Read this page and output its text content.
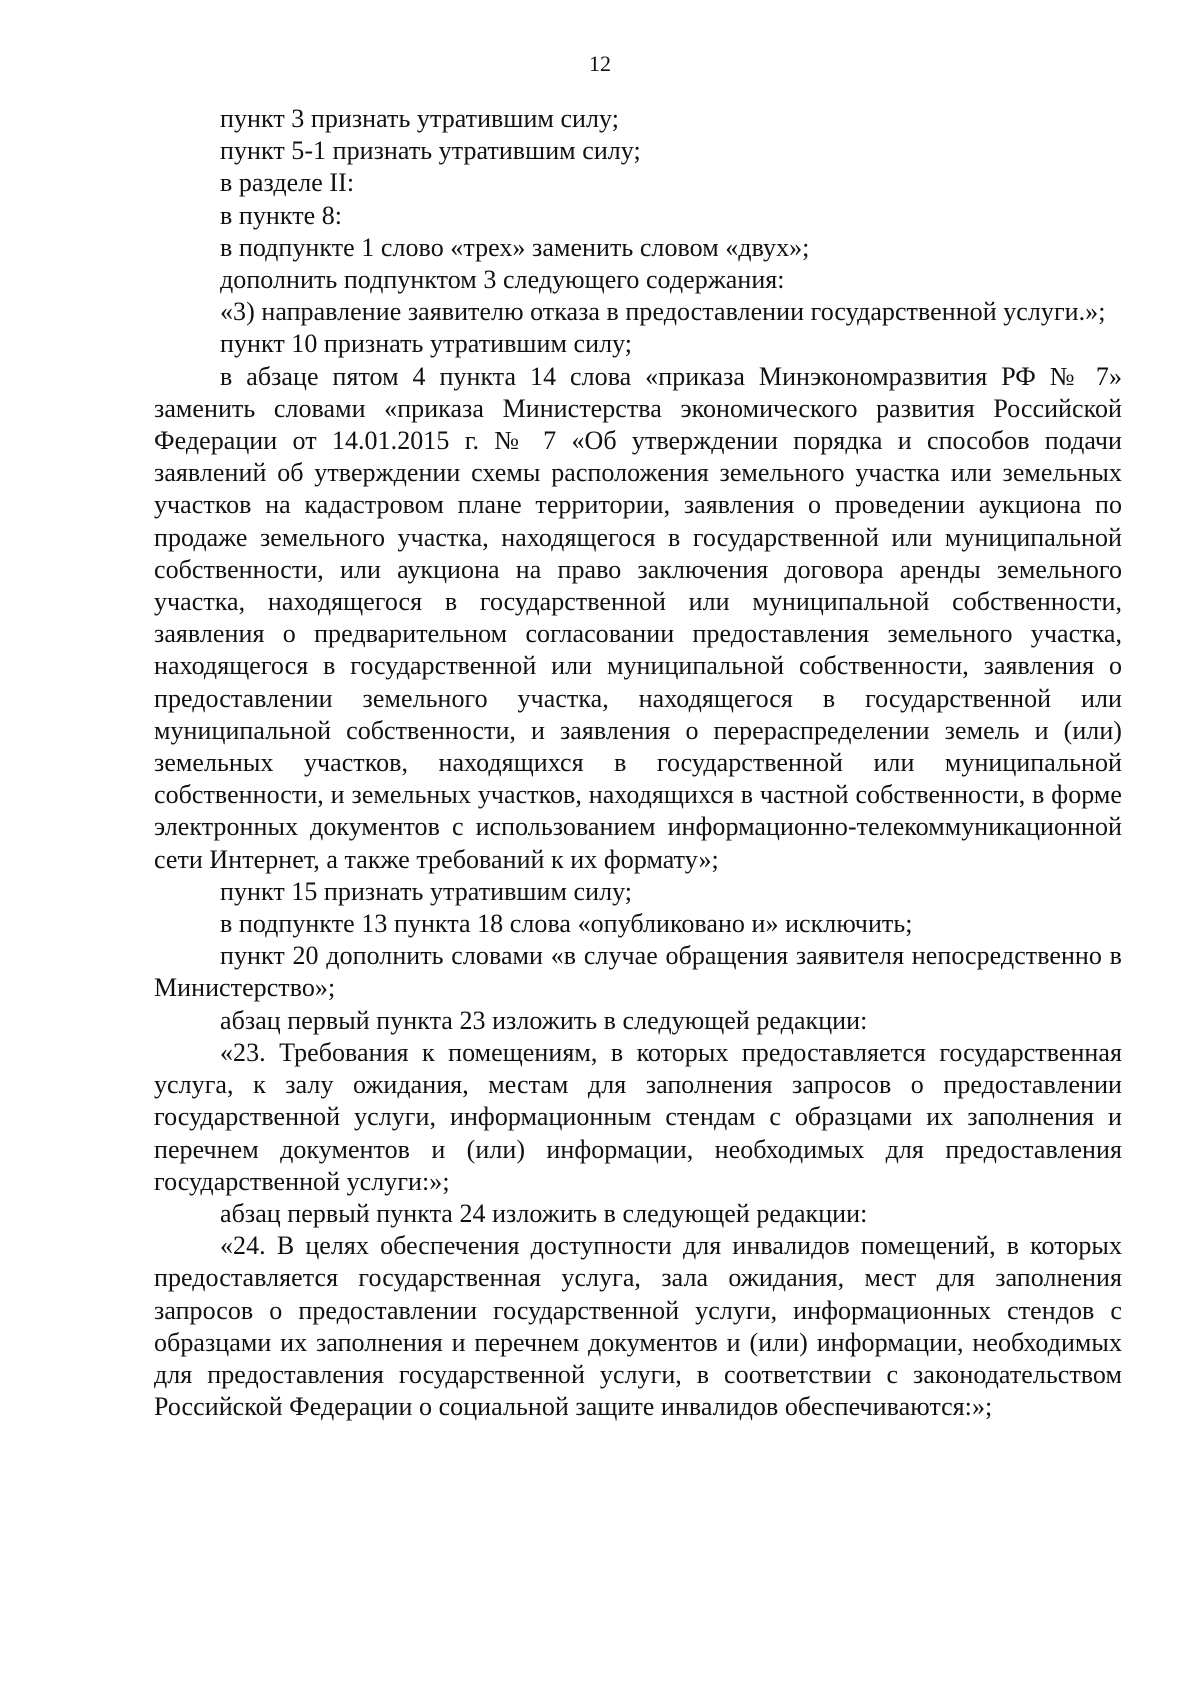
12

пункт 3 признать утратившим силу;

пункт 5-1 признать утратившим силу;

в разделе II:

в пункте 8:

в подпункте 1 слово «трех» заменить словом «двух»;

дополнить подпунктом 3 следующего содержания:

«3) направление заявителю отказа в предоставлении государственной услуги.»;

пункт 10 признать утратившим силу;

в абзаце пятом 4 пункта 14 слова «приказа Минэкономразвития РФ № 7» заменить словами «приказа Министерства экономического развития Российской Федерации от 14.01.2015 г. № 7 «Об утверждении порядка и способов подачи заявлений об утверждении схемы расположения земельного участка или земельных участков на кадастровом плане территории, заявления о проведении аукциона по продаже земельного участка, находящегося в государственной или муниципальной собственности, или аукциона на право заключения договора аренды земельного участка, находящегося в государственной или муниципальной собственности, заявления о предварительном согласовании предоставления земельного участка, находящегося в государственной или муниципальной собственности, заявления о предоставлении земельного участка, находящегося в государственной или муниципальной собственности, и заявления о перераспределении земель и (или) земельных участков, находящихся в государственной или муниципальной собственности, и земельных участков, находящихся в частной собственности, в форме электронных документов с использованием информационно-телекоммуникационной сети Интернет, а также требований к их формату»;

пункт 15 признать утратившим силу;

в подпункте 13 пункта 18 слова «опубликовано и» исключить;

пункт 20 дополнить словами «в случае обращения заявителя непосредственно в Министерство»;

абзац первый пункта 23 изложить в следующей редакции:

«23. Требования к помещениям, в которых предоставляется государственная услуга, к залу ожидания, местам для заполнения запросов о предоставлении государственной услуги, информационным стендам с образцами их заполнения и перечнем документов и (или) информации, необходимых для предоставления государственной услуги:»;

абзац первый пункта 24 изложить в следующей редакции:

«24. В целях обеспечения доступности для инвалидов помещений, в которых предоставляется государственная услуга, зала ожидания, мест для заполнения запросов о предоставлении государственной услуги, информационных стендов с образцами их заполнения и перечнем документов и (или) информации, необходимых для предоставления государственной услуги, в соответствии с законодательством Российской Федерации о социальной защите инвалидов обеспечиваются:»;
